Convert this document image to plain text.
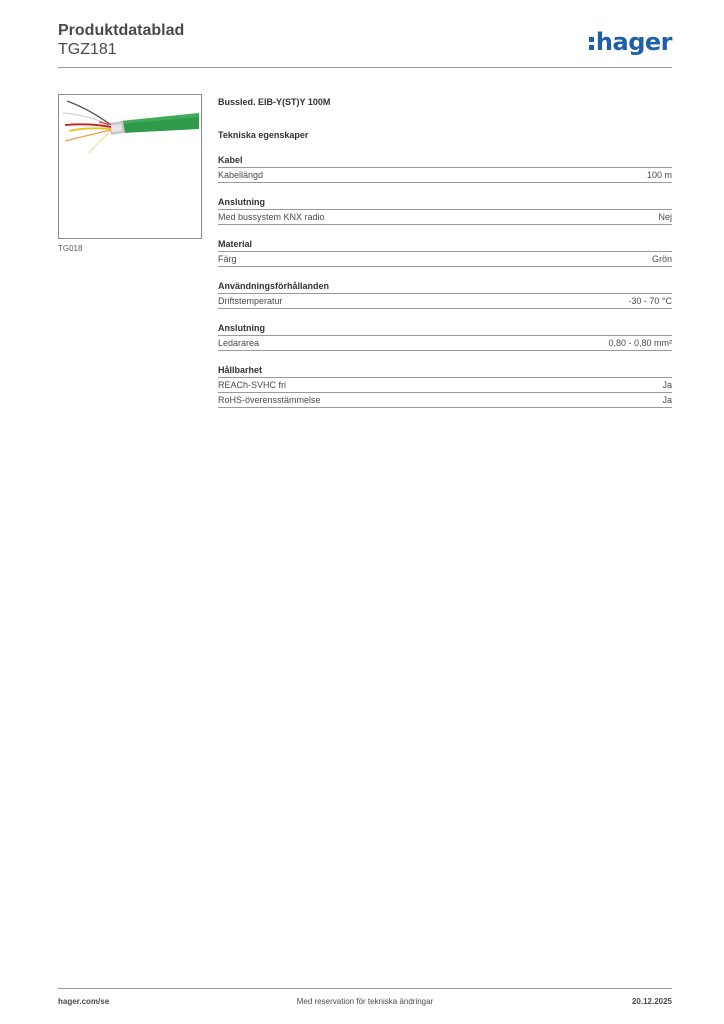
Produktdatablad
TGZ181	hager
TG018
Bussled. EIB-Y(ST)Y 100M
Tekniska egenskaper
Kabel
Kabellängd	100 m
Anslutning
Med bussystem KNX radio	Nej
Material
Färg	Grön
Användningsförhållanden
Driftstemperatur	-30 - 70 °C
Anslutning
Ledararea	0,80 - 0,80 mm²
Hållbarhet
REACh-SVHC fri	Ja
RoHS-överensstämmelse	Ja
hager.com/se	Med reservation för tekniska ändringar	20.12.2025
